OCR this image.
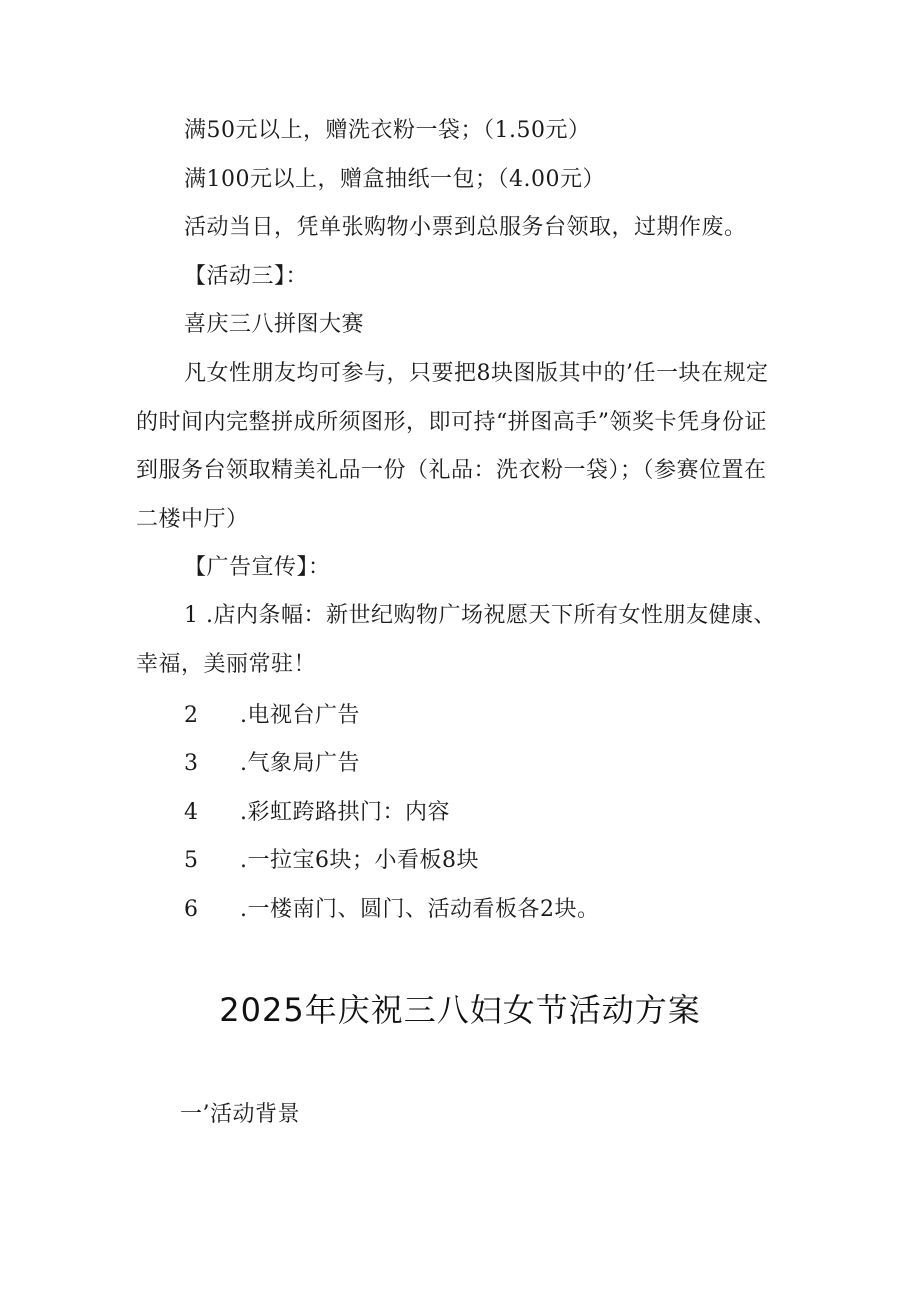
满50元以上，赠洗衣粉一袋；（1.50元）
满100元以上，赠盒抽纸一包；（4.00元）
活动当日，凭单张购物小票到总服务台领取，过期作废。
【活动三】：
喜庆三八拼图大赛
凡女性朋友均可参与，只要把8块图版其中的’任一块在规定的时间内完整拼成所须图形，即可持“拼图高手”领奖卡凭身份证到服务台领取精美礼品一份（礼品：洗衣粉一袋）；（参赛位置在二楼中厅）
【广告宣传】：
1 .店内条幅：新世纪购物广场祝愿天下所有女性朋友健康、幸福，美丽常驻！
2 .电视台广告
3 .气象局广告
4 .彩虹跨路拱门：内容
5 .一拉宝6块；小看板8块
6 .一楼南门、圆门、活动看板各2块。
2025年庆祝三八妇女节活动方案
一’活动背景
